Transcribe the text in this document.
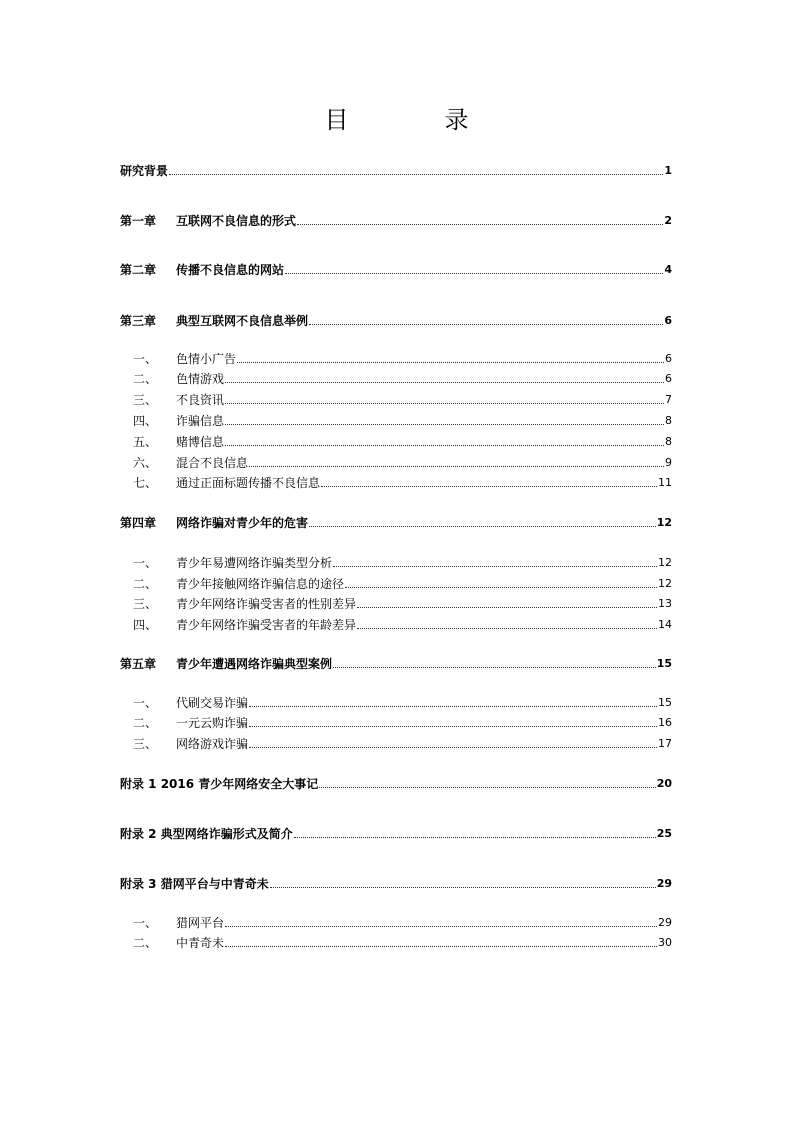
目　录
研究背景	1
第一章	互联网不良信息的形式	2
第二章	传播不良信息的网站	4
第三章	典型互联网不良信息举例	6
一、	色情小广告	6
二、	色情游戏	6
三、	不良资讯	7
四、	诈骗信息	8
五、	赌博信息	8
六、	混合不良信息	9
七、	通过正面标题传播不良信息	11
第四章	网络诈骗对青少年的危害	12
一、	青少年易遭网络诈骗类型分析	12
二、	青少年接触网络诈骗信息的途径	12
三、	青少年网络诈骗受害者的性别差异	13
四、	青少年网络诈骗受害者的年龄差异	14
第五章	青少年遭遇网络诈骗典型案例	15
一、	代刷交易诈骗	15
二、	一元云购诈骗	16
三、	网络游戏诈骗	17
附录 1 2016 青少年网络安全大事记	20
附录 2 典型网络诈骗形式及简介	25
附录 3 猎网平台与中青奇未	29
一、	猎网平台	29
二、	中青奇未	30
